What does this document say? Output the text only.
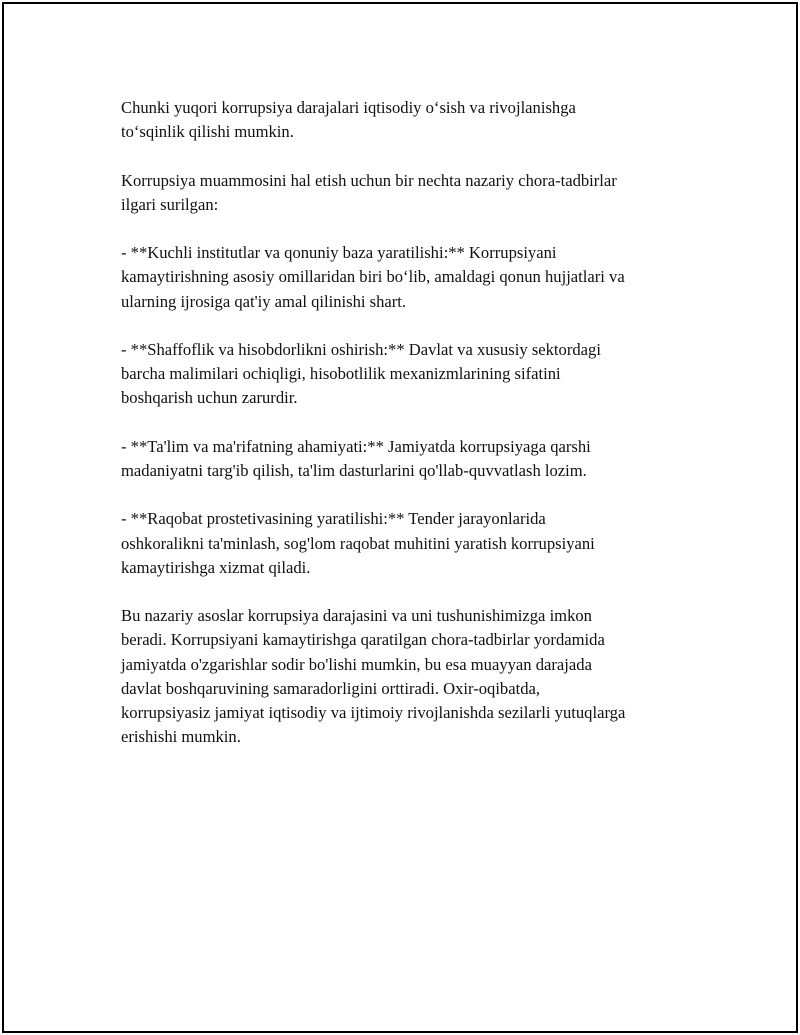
Chunki yuqori korrupsiya darajalari iqtisodiy o‘sish va rivojlanishga
to‘sqinlik qilishi mumkin.

Korrupsiya muammosini hal etish uchun bir nechta nazariy chora-tadbirlar
ilgari surilgan:

- **Kuchli institutlar va qonuniy baza yaratilishi:** Korrupsiyani
kamaytirishning asosiy omillaridan biri bo‘lib, amaldagi qonun hujjatlari va
ularning ijrosiga qat'iy amal qilinishi shart.

- **Shaffoflik va hisobdorlikni oshirish:** Davlat va xususiy sektordagi
barcha malimilari ochiqligi, hisobotlilik mexanizmlarining sifatini
boshqarish uchun zarurdir.

- **Ta'lim va ma'rifatning ahamiyati:** Jamiyatda korrupsiyaga qarshi
madaniyatni targ'ib qilish, ta'lim dasturlarini qo'llab-quvvatlash lozim.

- **Raqobat prostetivasining yaratilishi:** Tender jarayonlarida
oshkoralikni ta'minlash, sog'lom raqobat muhitini yaratish korrupsiyani
kamaytirishga xizmat qiladi.

Bu nazariy asoslar korrupsiya darajasini va uni tushunishimizga imkon
beradi. Korrupsiyani kamaytirishga qaratilgan chora-tadbirlar yordamida
jamiyatda o'zgarishlar sodir bo'lishi mumkin, bu esa muayyan darajada
davlat boshqaruvining samaradorligini orttiradi. Oxir-oqibatda,
korrupsiyasiz jamiyat iqtisodiy va ijtimoiy rivojlanishda sezilarli yutuqlarga
erishishi mumkin.
